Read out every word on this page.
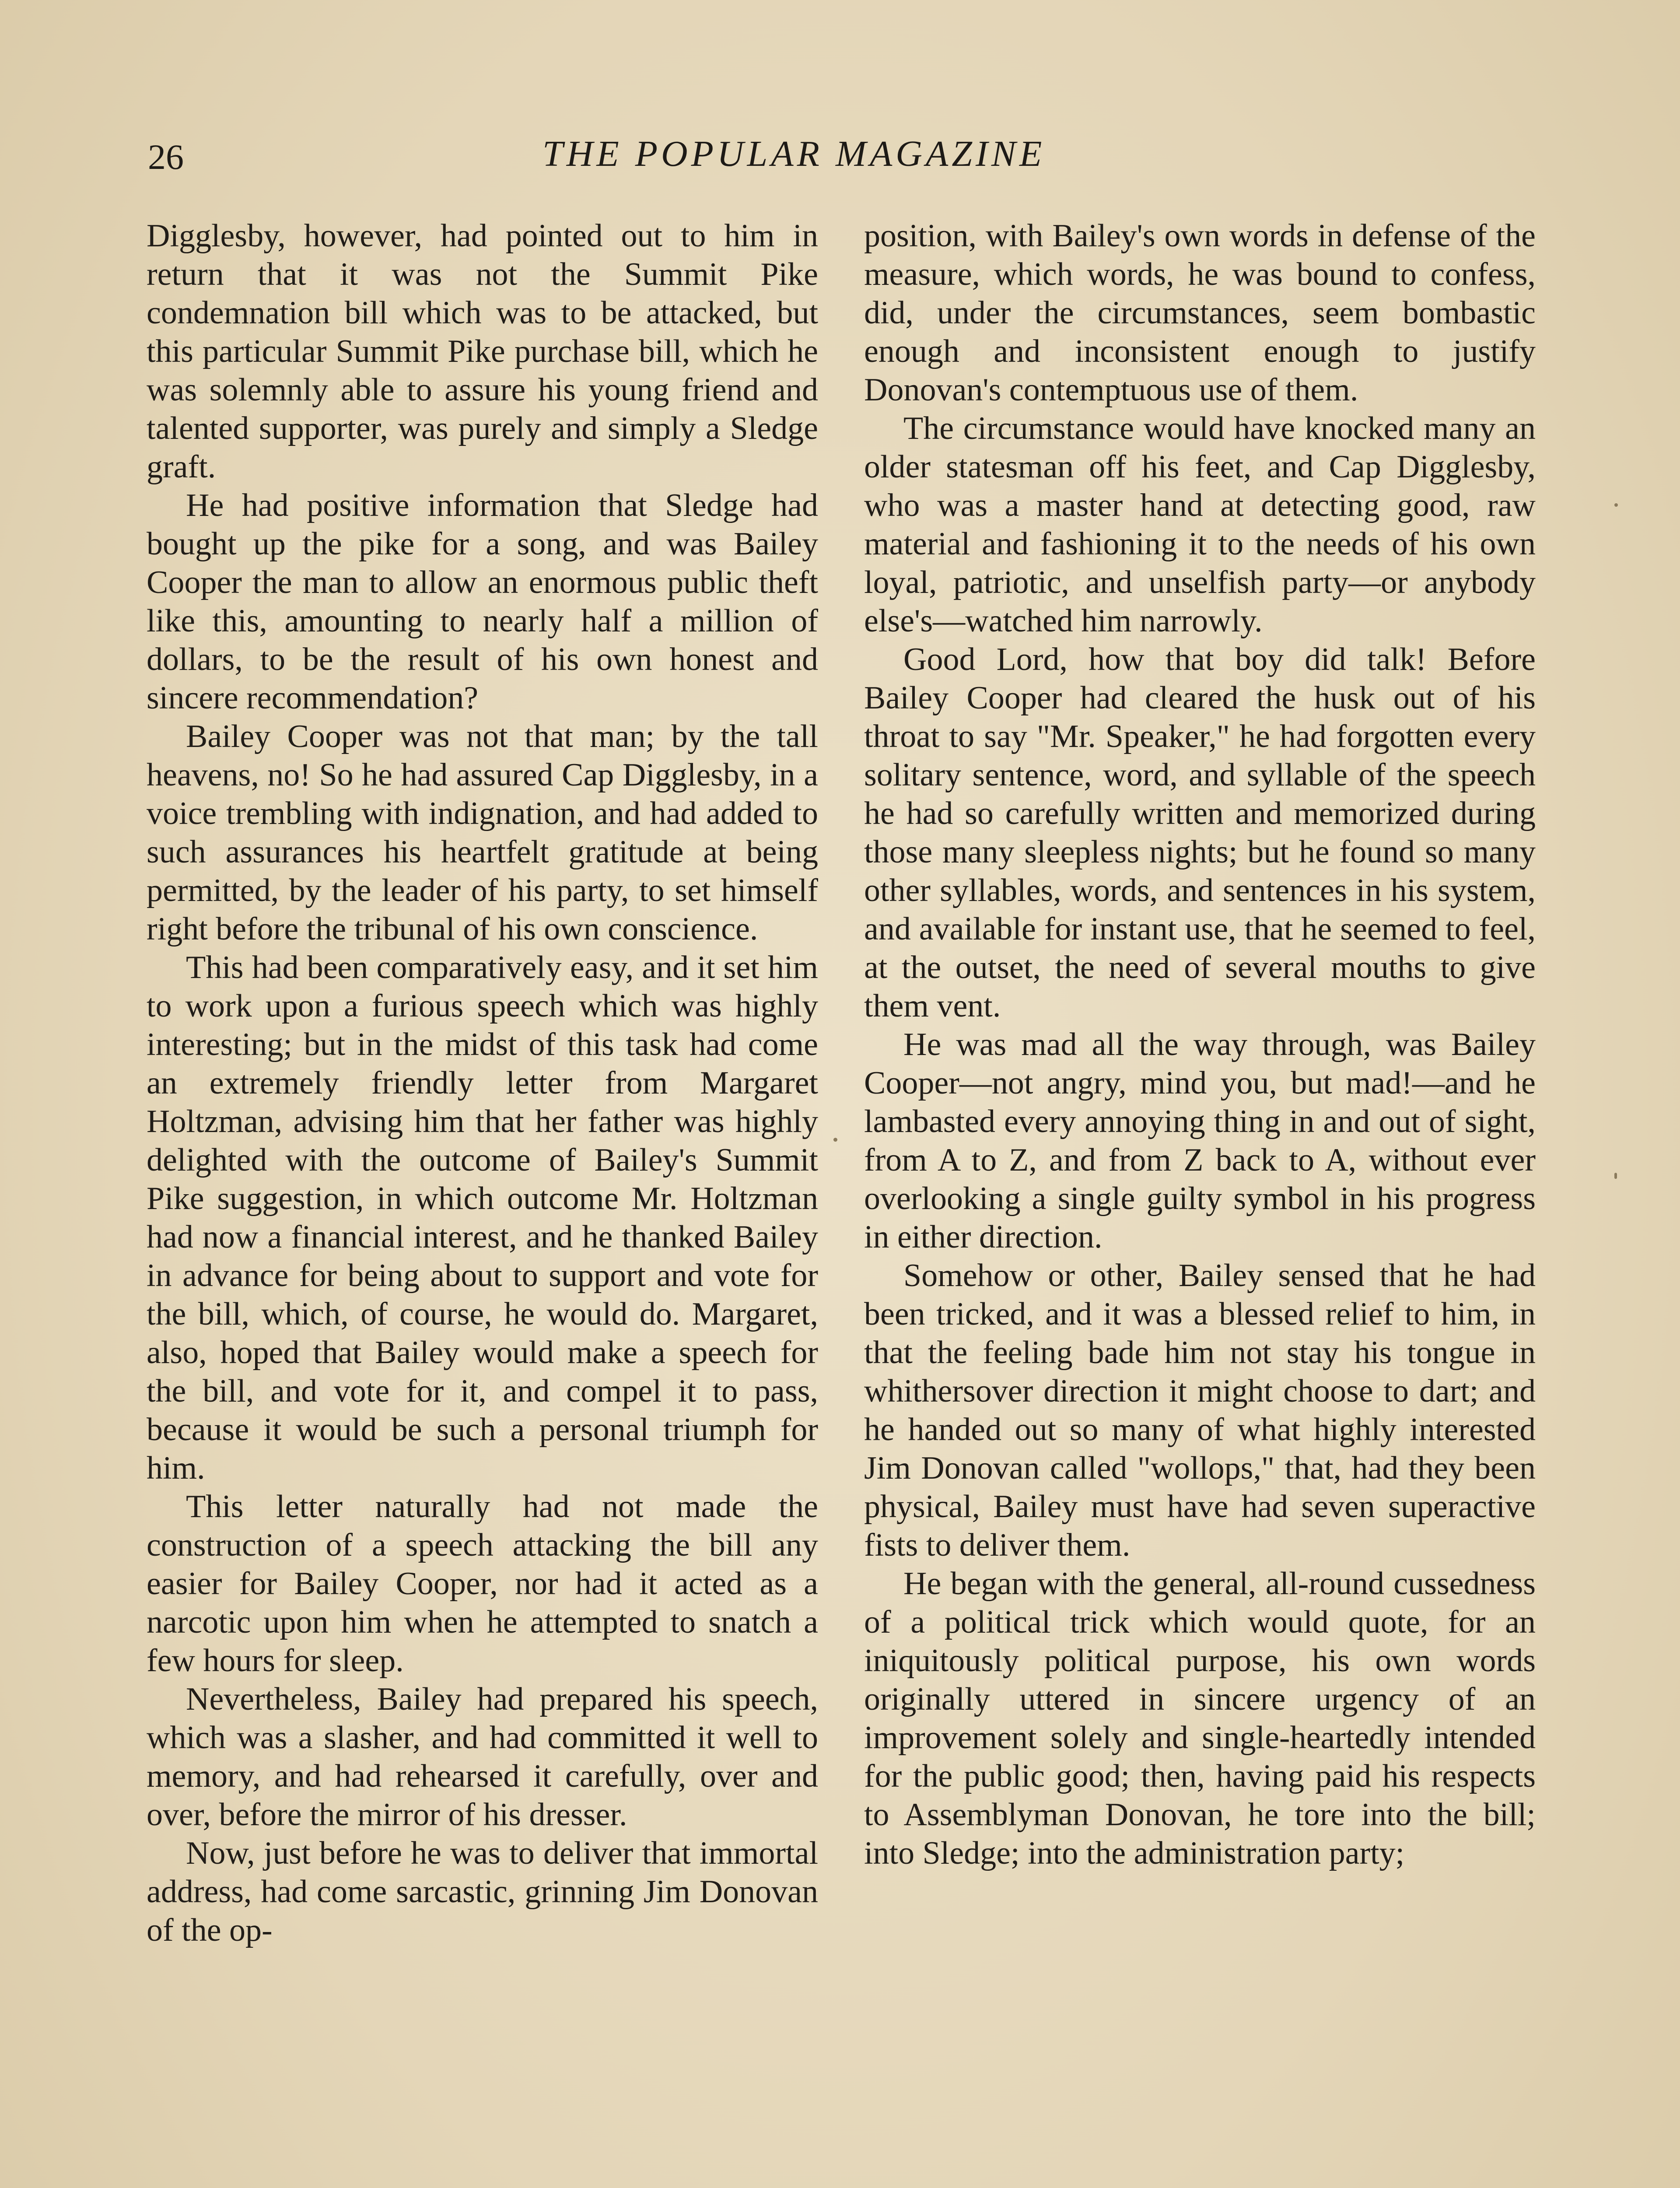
26	THE POPULAR MAGAZINE

Digglesby, however, had pointed out to him in return that it was not the Summit Pike condemnation bill which was to be attacked, but this particular Summit Pike purchase bill, which he was solemnly able to assure his young friend and talented supporter, was purely and simply a Sledge graft.

He had positive information that Sledge had bought up the pike for a song, and was Bailey Cooper the man to allow an enormous public theft like this, amounting to nearly half a million of dollars, to be the result of his own honest and sincere recommendation?

Bailey Cooper was not that man; by the tall heavens, no! So he had assured Cap Digglesby, in a voice trembling with indignation, and had added to such assurances his heartfelt gratitude at being permitted, by the leader of his party, to set himself right before the tribunal of his own conscience.

This had been comparatively easy, and it set him to work upon a furious speech which was highly interesting; but in the midst of this task had come an extremely friendly letter from Margaret Holtzman, advising him that her father was highly delighted with the outcome of Bailey's Summit Pike suggestion, in which outcome Mr. Holtzman had now a financial interest, and he thanked Bailey in advance for being about to support and vote for the bill, which, of course, he would do. Margaret, also, hoped that Bailey would make a speech for the bill, and vote for it, and compel it to pass, because it would be such a personal triumph for him.

This letter naturally had not made the construction of a speech attacking the bill any easier for Bailey Cooper, nor had it acted as a narcotic upon him when he attempted to snatch a few hours for sleep.

Nevertheless, Bailey had prepared his speech, which was a slasher, and had committed it well to memory, and had rehearsed it carefully, over and over, before the mirror of his dresser.

Now, just before he was to deliver that immortal address, had come sarcastic, grinning Jim Donovan of the op-

position, with Bailey's own words in defense of the measure, which words, he was bound to confess, did, under the circumstances, seem bombastic enough and inconsistent enough to justify Donovan's contemptuous use of them.

The circumstance would have knocked many an older statesman off his feet, and Cap Digglesby, who was a master hand at detecting good, raw material and fashioning it to the needs of his own loyal, patriotic, and unselfish party—or anybody else's—watched him narrowly.

Good Lord, how that boy did talk! Before Bailey Cooper had cleared the husk out of his throat to say "Mr. Speaker," he had forgotten every solitary sentence, word, and syllable of the speech he had so carefully written and memorized during those many sleepless nights; but he found so many other syllables, words, and sentences in his system, and available for instant use, that he seemed to feel, at the outset, the need of several mouths to give them vent.

He was mad all the way through, was Bailey Cooper—not angry, mind you, but mad!—and he lambasted every annoying thing in and out of sight, from A to Z, and from Z back to A, without ever overlooking a single guilty symbol in his progress in either direction.

Somehow or other, Bailey sensed that he had been tricked, and it was a blessed relief to him, in that the feeling bade him not stay his tongue in whithersover direction it might choose to dart; and he handed out so many of what highly interested Jim Donovan called "wollops," that, had they been physical, Bailey must have had seven superactive fists to deliver them.

He began with the general, all-round cussedness of a political trick which would quote, for an iniquitously political purpose, his own words originally uttered in sincere urgency of an improvement solely and single-heartedly intended for the public good; then, having paid his respects to Assemblyman Donovan, he tore into the bill; into Sledge; into the administration party;
